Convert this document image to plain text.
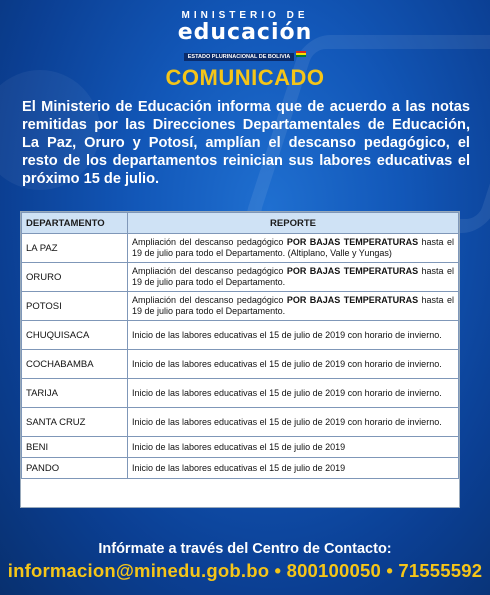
MINISTERIO DE
educación
ESTADO PLURINACIONAL DE BOLIVIA
COMUNICADO
El Ministerio de Educación informa que de acuerdo a las notas remitidas por las Direcciones Departamentales de Educación, La Paz, Oruro y Potosí, amplían el descanso pedagógico, el resto de los departamentos reinician sus labores educativas el próximo 15 de julio.
DEPARTAMENTO	REPORTE
LA PAZ	Ampliación del descanso pedagógico POR BAJAS TEMPERATURAS hasta el 19 de julio para todo el Departamento. (Altiplano, Valle y Yungas)
ORURO	Ampliación del descanso pedagógico POR BAJAS TEMPERATURAS hasta el 19 de julio para todo el Departamento.
POTOSI	Ampliación del descanso pedagógico POR BAJAS TEMPERATURAS hasta el 19 de julio para todo el Departamento.
CHUQUISACA	Inicio de las labores educativas el 15 de julio de 2019 con horario de invierno.
COCHABAMBA	Inicio de las labores educativas el 15 de julio de 2019 con horario de invierno.
TARIJA	Inicio de las labores educativas el 15 de julio de 2019 con horario de invierno.
SANTA CRUZ	Inicio de las labores educativas el 15 de julio de 2019 con horario de invierno.
BENI	Inicio de las labores educativas el 15 de julio de 2019
PANDO	Inicio de las labores educativas el 15 de julio de 2019
Infórmate a través del Centro de Contacto:
informacion@minedu.gob.bo • 800100050 • 71555592
